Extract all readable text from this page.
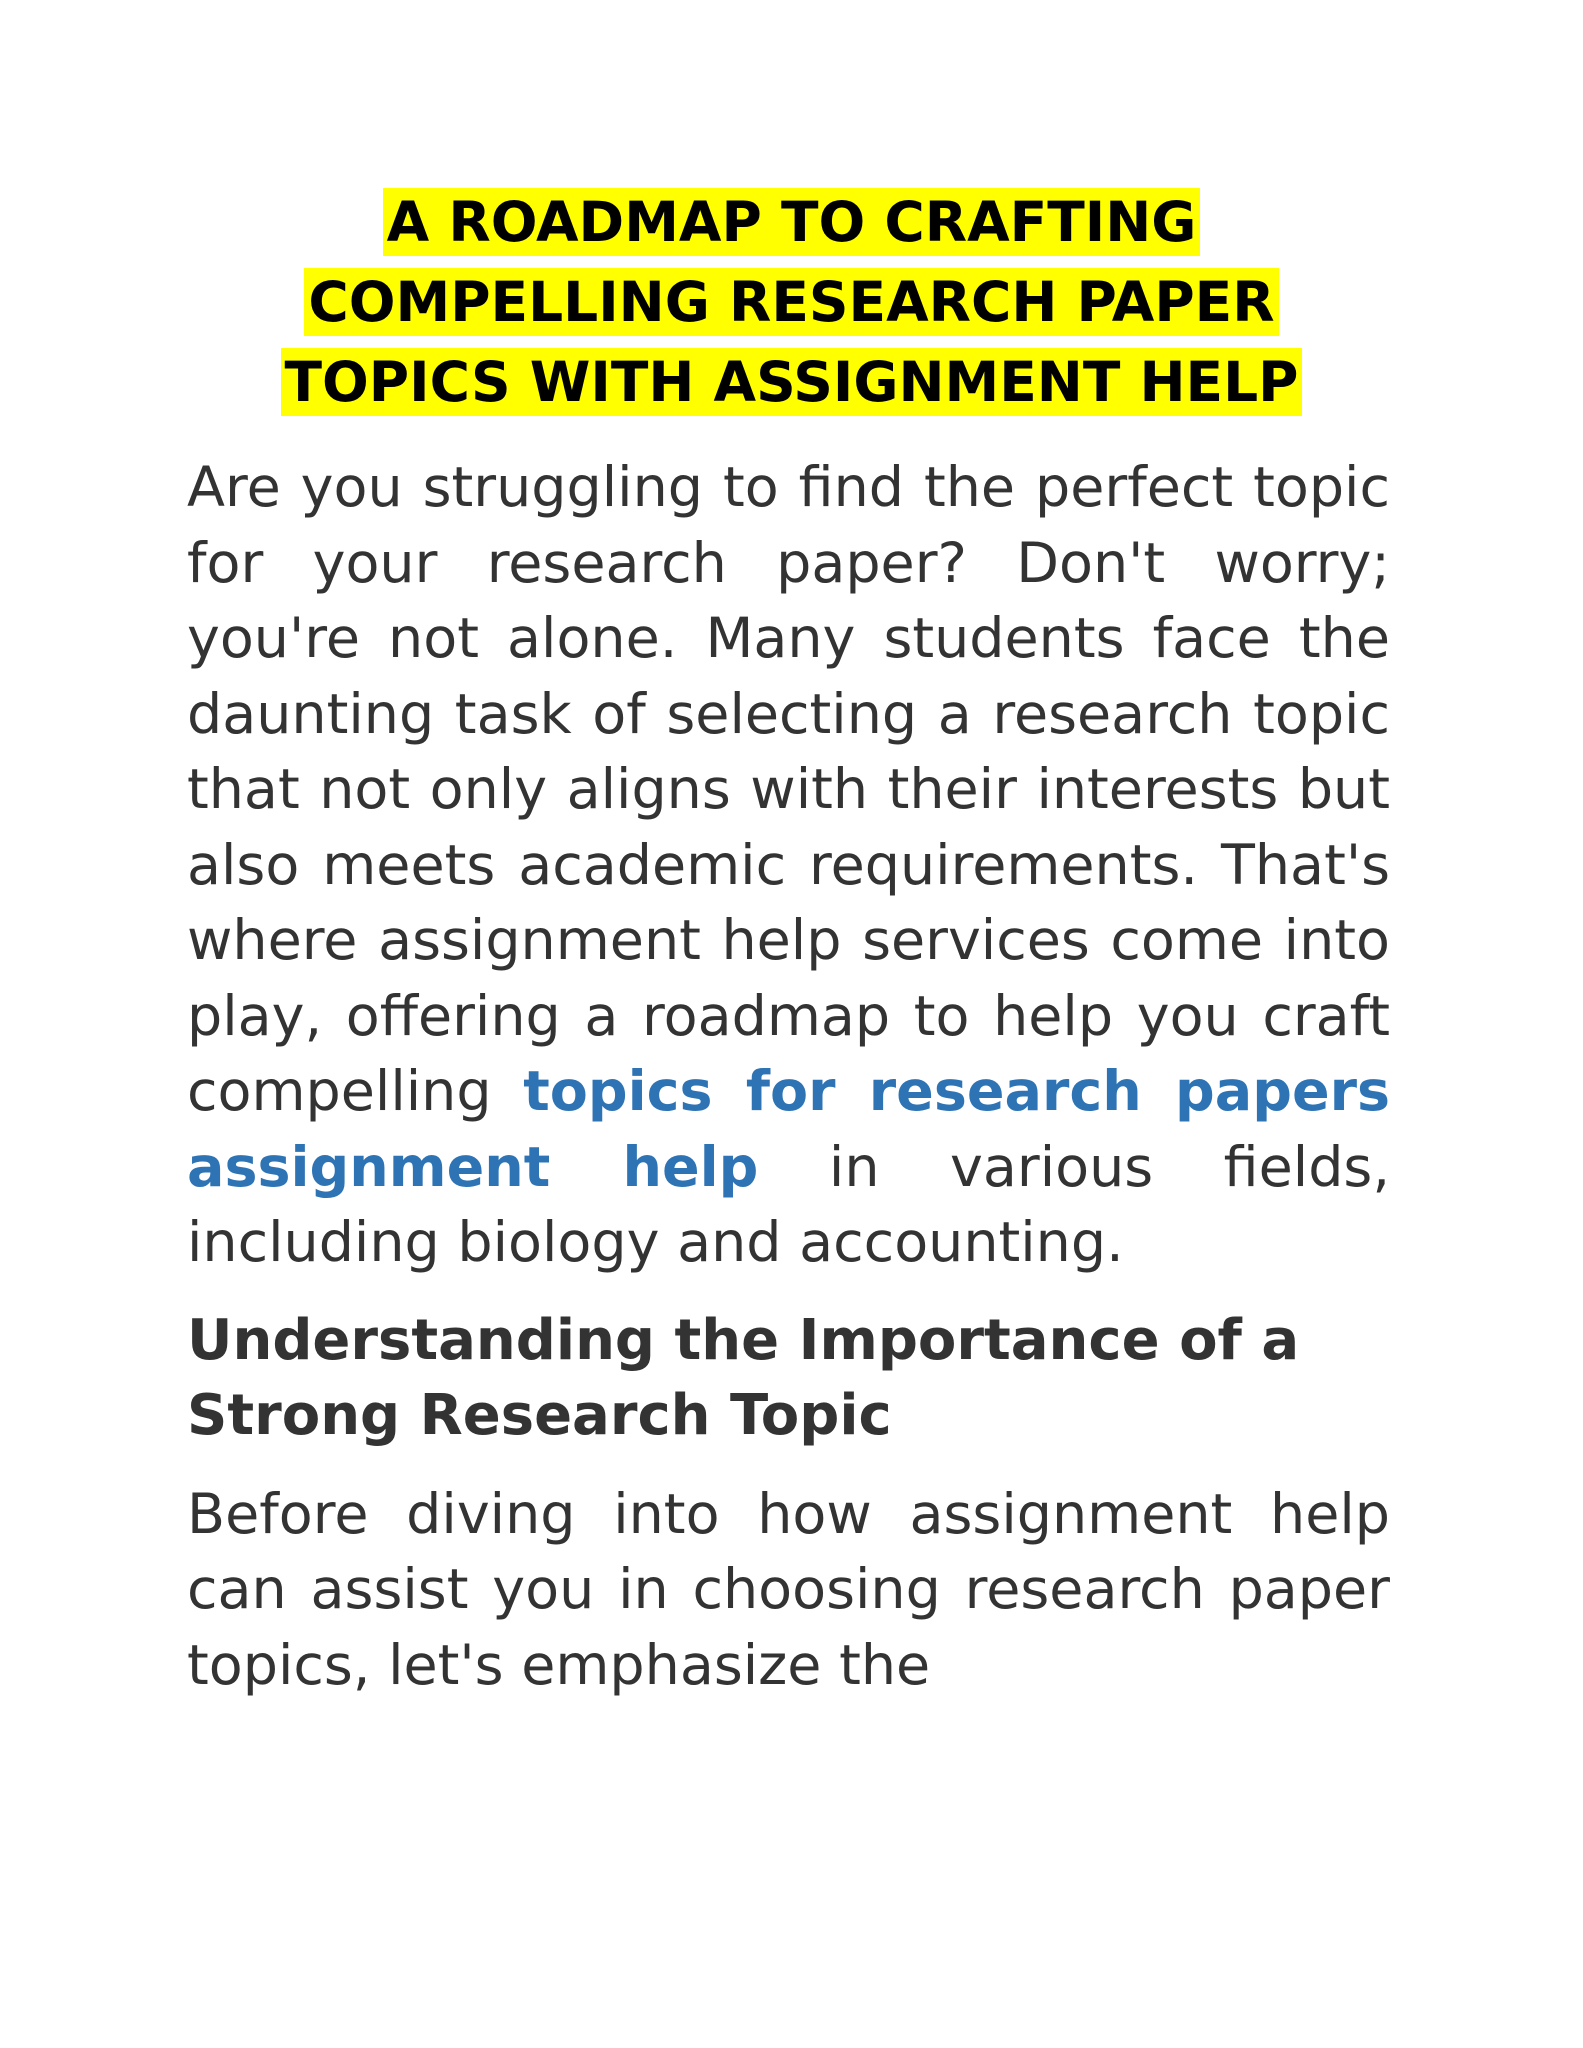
A ROADMAP TO CRAFTING
COMPELLING RESEARCH PAPER
TOPICS WITH ASSIGNMENT HELP

Are you struggling to find the perfect topic for your research paper? Don't worry; you're not alone. Many students face the daunting task of selecting a research topic that not only aligns with their interests but also meets academic requirements. That's where assignment help services come into play, offering a roadmap to help you craft compelling topics for research papers assignment help in various fields, including biology and accounting.

Understanding the Importance of a Strong Research Topic

Before diving into how assignment help can assist you in choosing research paper topics, let's emphasize the
